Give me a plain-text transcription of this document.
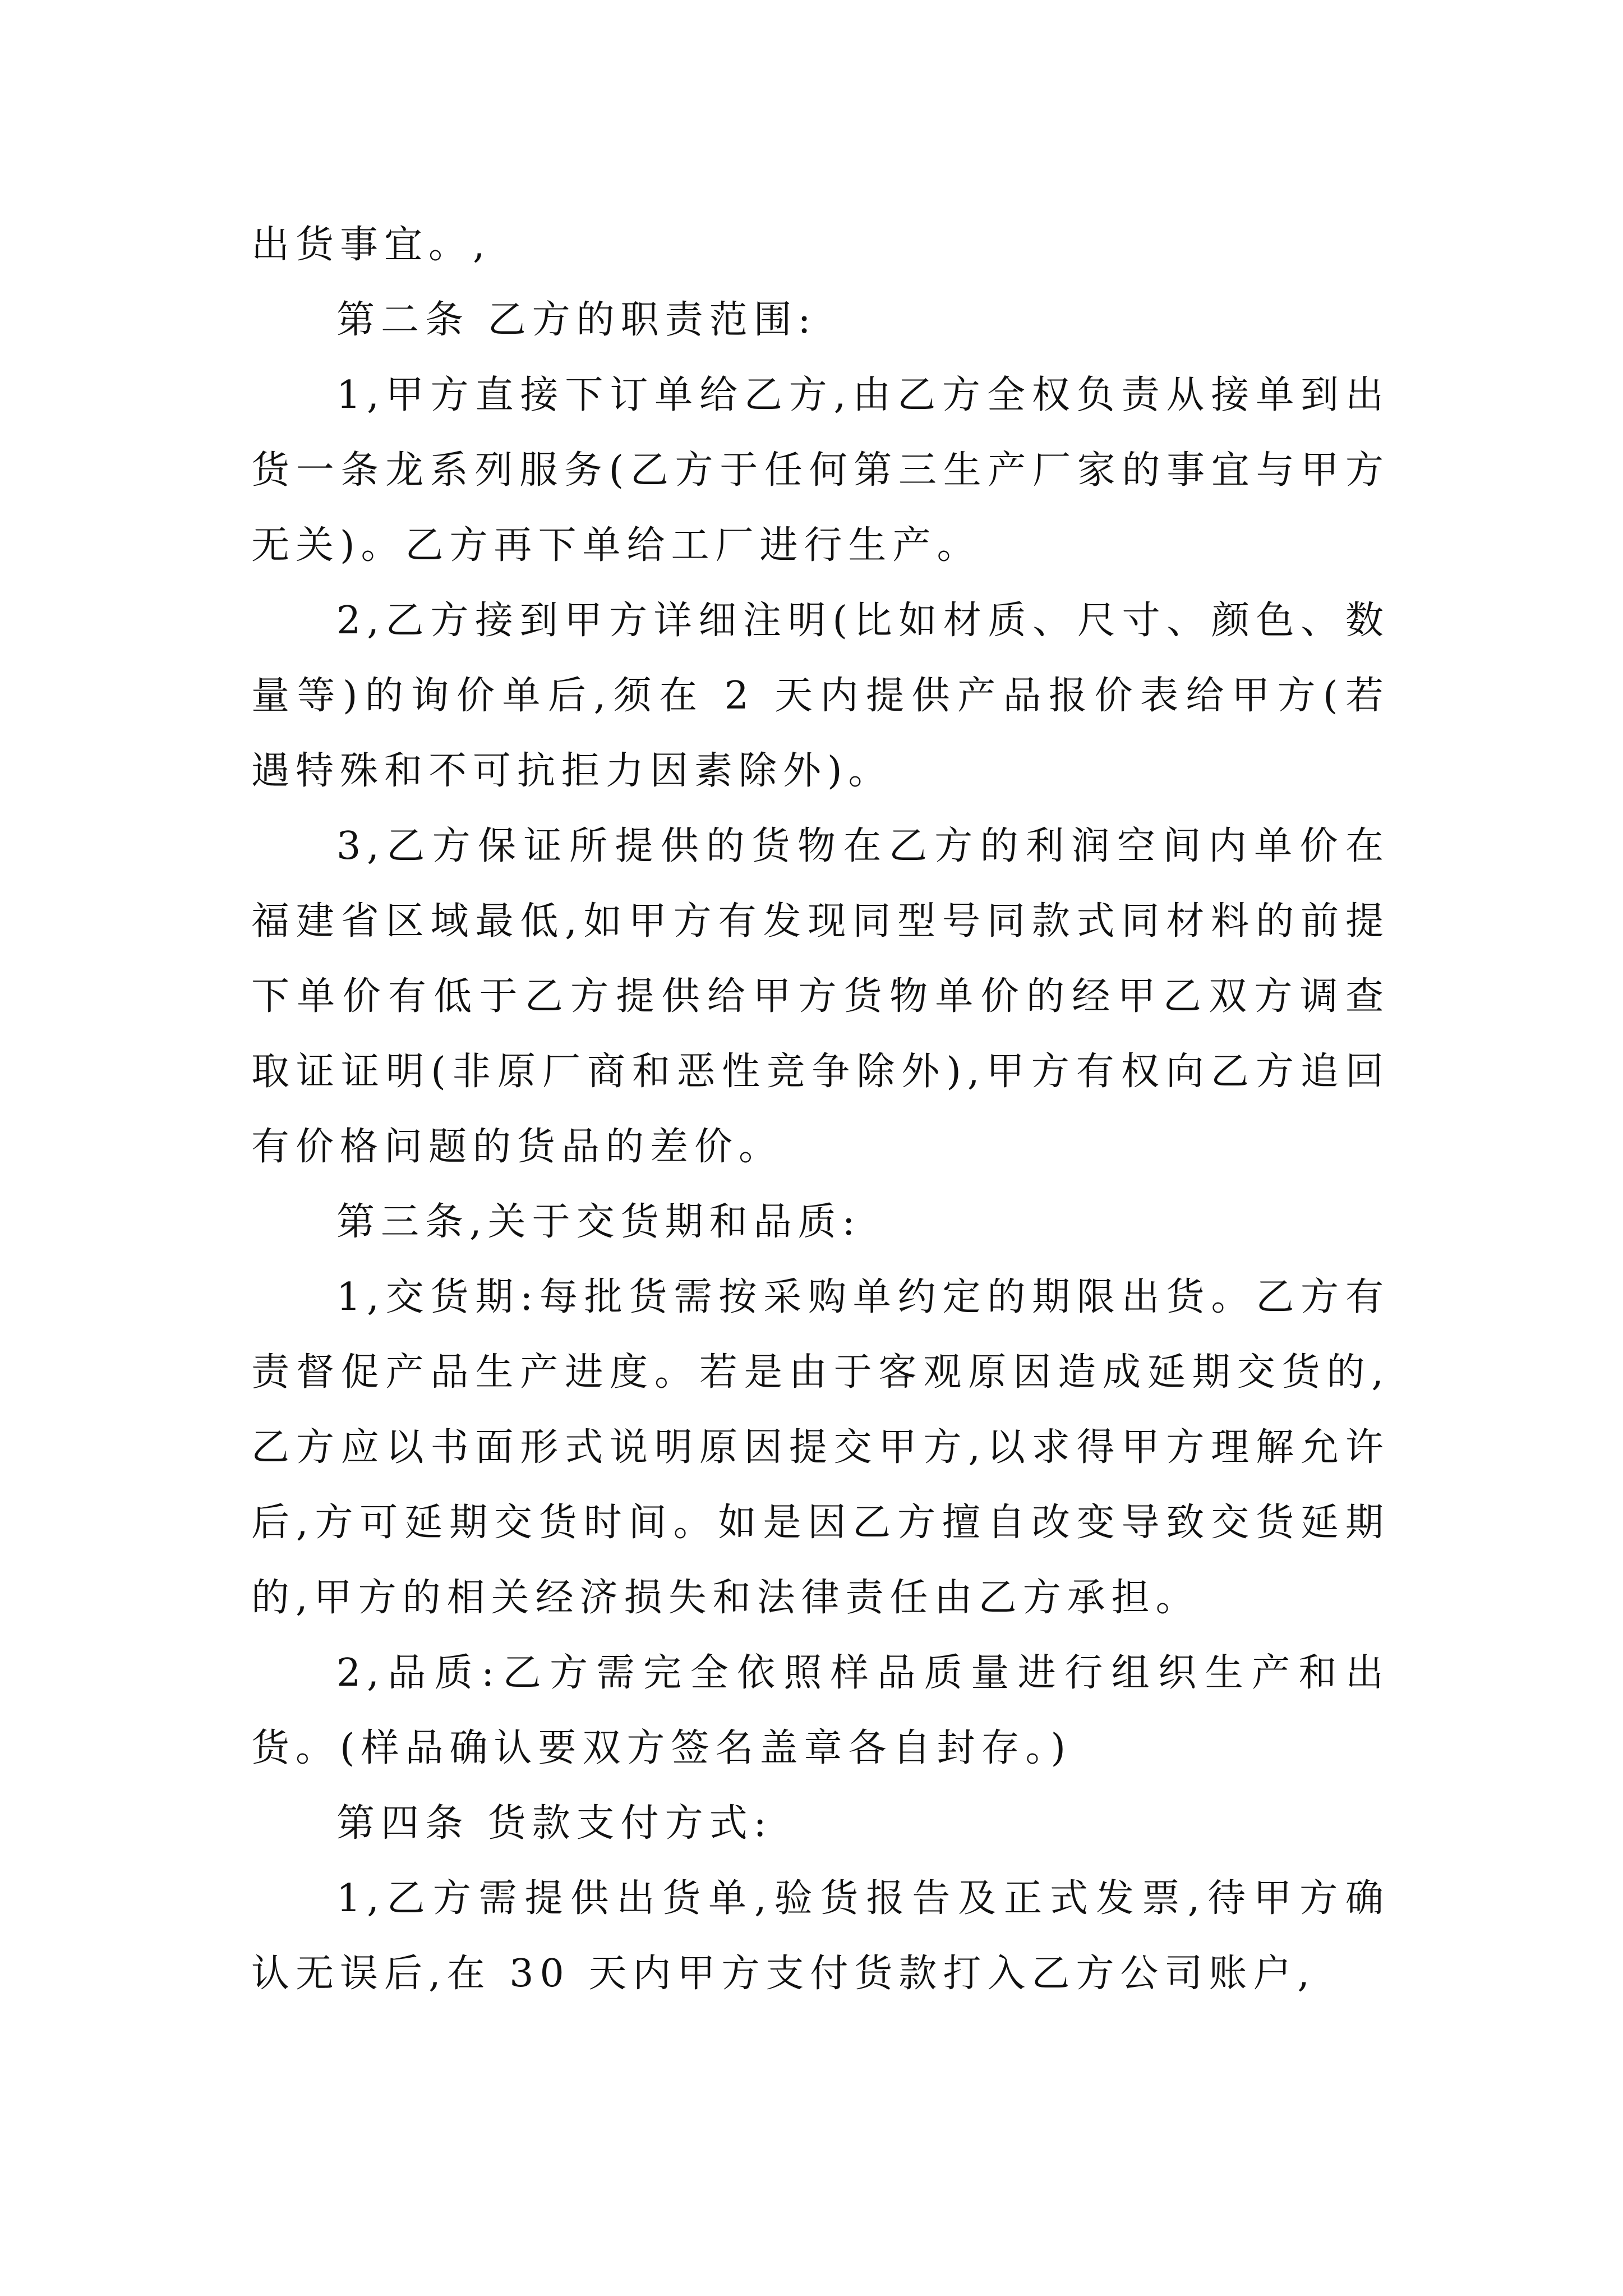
出货事宜。,

第二条 乙方的职责范围:

1,甲方直接下订单给乙方,由乙方全权负责从接单到出货一条龙系列服务(乙方于任何第三生产厂家的事宜与甲方无关)。乙方再下单给工厂进行生产。

2,乙方接到甲方详细注明(比如材质、尺寸、颜色、数量等)的询价单后,须在 2 天内提供产品报价表给甲方(若遇特殊和不可抗拒力因素除外)。

3,乙方保证所提供的货物在乙方的利润空间内单价在福建省区域最低,如甲方有发现同型号同款式同材料的前提下单价有低于乙方提供给甲方货物单价的经甲乙双方调查取证证明(非原厂商和恶性竞争除外),甲方有权向乙方追回有价格问题的货品的差价。

第三条,关于交货期和品质:

1,交货期:每批货需按采购单约定的期限出货。乙方有责督促产品生产进度。若是由于客观原因造成延期交货的,乙方应以书面形式说明原因提交甲方,以求得甲方理解允许后,方可延期交货时间。如是因乙方擅自改变导致交货延期的,甲方的相关经济损失和法律责任由乙方承担。

2,品质:乙方需完全依照样品质量进行组织生产和出货。(样品确认要双方签名盖章各自封存。)

第四条 货款支付方式:

1,乙方需提供出货单,验货报告及正式发票,待甲方确认无误后,在 30 天内甲方支付货款打入乙方公司账户,
